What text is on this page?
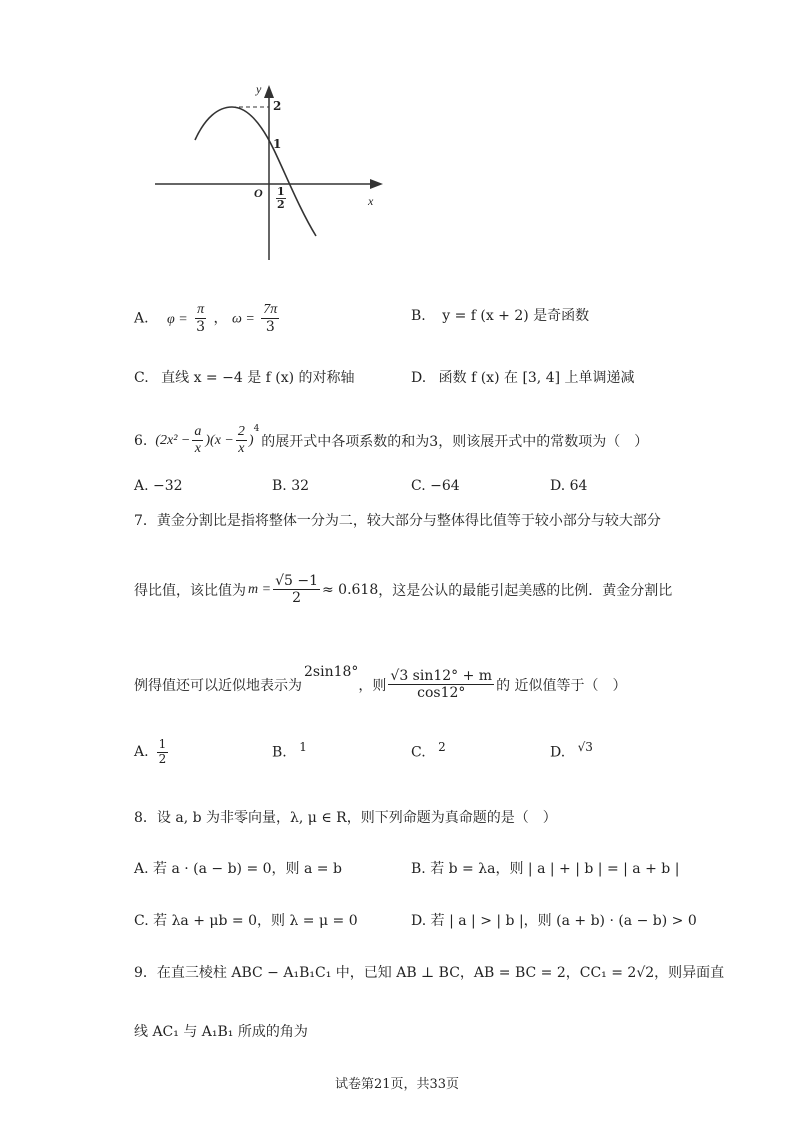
y
x
O
2
1
$\frac{1}{2}$
A. $\varphi = \frac{\pi}{3}$ ， $\omega = \frac{7\pi}{3}$	B. y = f (x + 2) 是奇函数
C. 直线 x = −4 是 f (x) 的对称轴	D. 函数 f (x) 在 [3, 4] 上单调递减
6. $(2x^2 - \frac{a}{x} )(x - \frac{2}{x}$ )
$^4$
的展开式中各项系数的和为3，则该展开式中的常数项为（　）
A. −32	B. 32	C. −64	D. 64
7．黄金分割比是指将整体一分为二，较大部分与整体得比值等于较小部分与较大部分
得比值，该比值为 $m = \frac{√5 -1}{2} \approx 0.618$ ，这是公认的最能引起美感的比例．黄金分割比
例得值还可以近似地表示为
2sin18°
，则 $\frac{√3 \sin 12^\circ + m}{\cos 12^\circ}$ 的 近似值等于（　）
A. $\frac{1}{2}$	B. $^1$	C. $^2$	D. $^{√3}$
8．设 a, b 为非零向量，λ, μ ∈ R，则下列命题为真命题的是（　）
A. 若 a · (a − b) = 0，则 a = b	B. 若 b = λa，则 | a | + | b | = | a + b |
C. 若 λa + μb = 0，则 λ = μ = 0	D. 若 | a | > | b |，则 (a + b) · (a − b) > 0
9．在直三棱柱 ABC − A₁B₁C₁ 中，已知 AB ⊥ BC，AB = BC = 2，CC₁ = 2√2，则异面直
线 AC₁ 与 A₁B₁ 所成的角为
试卷第21页，共33页
